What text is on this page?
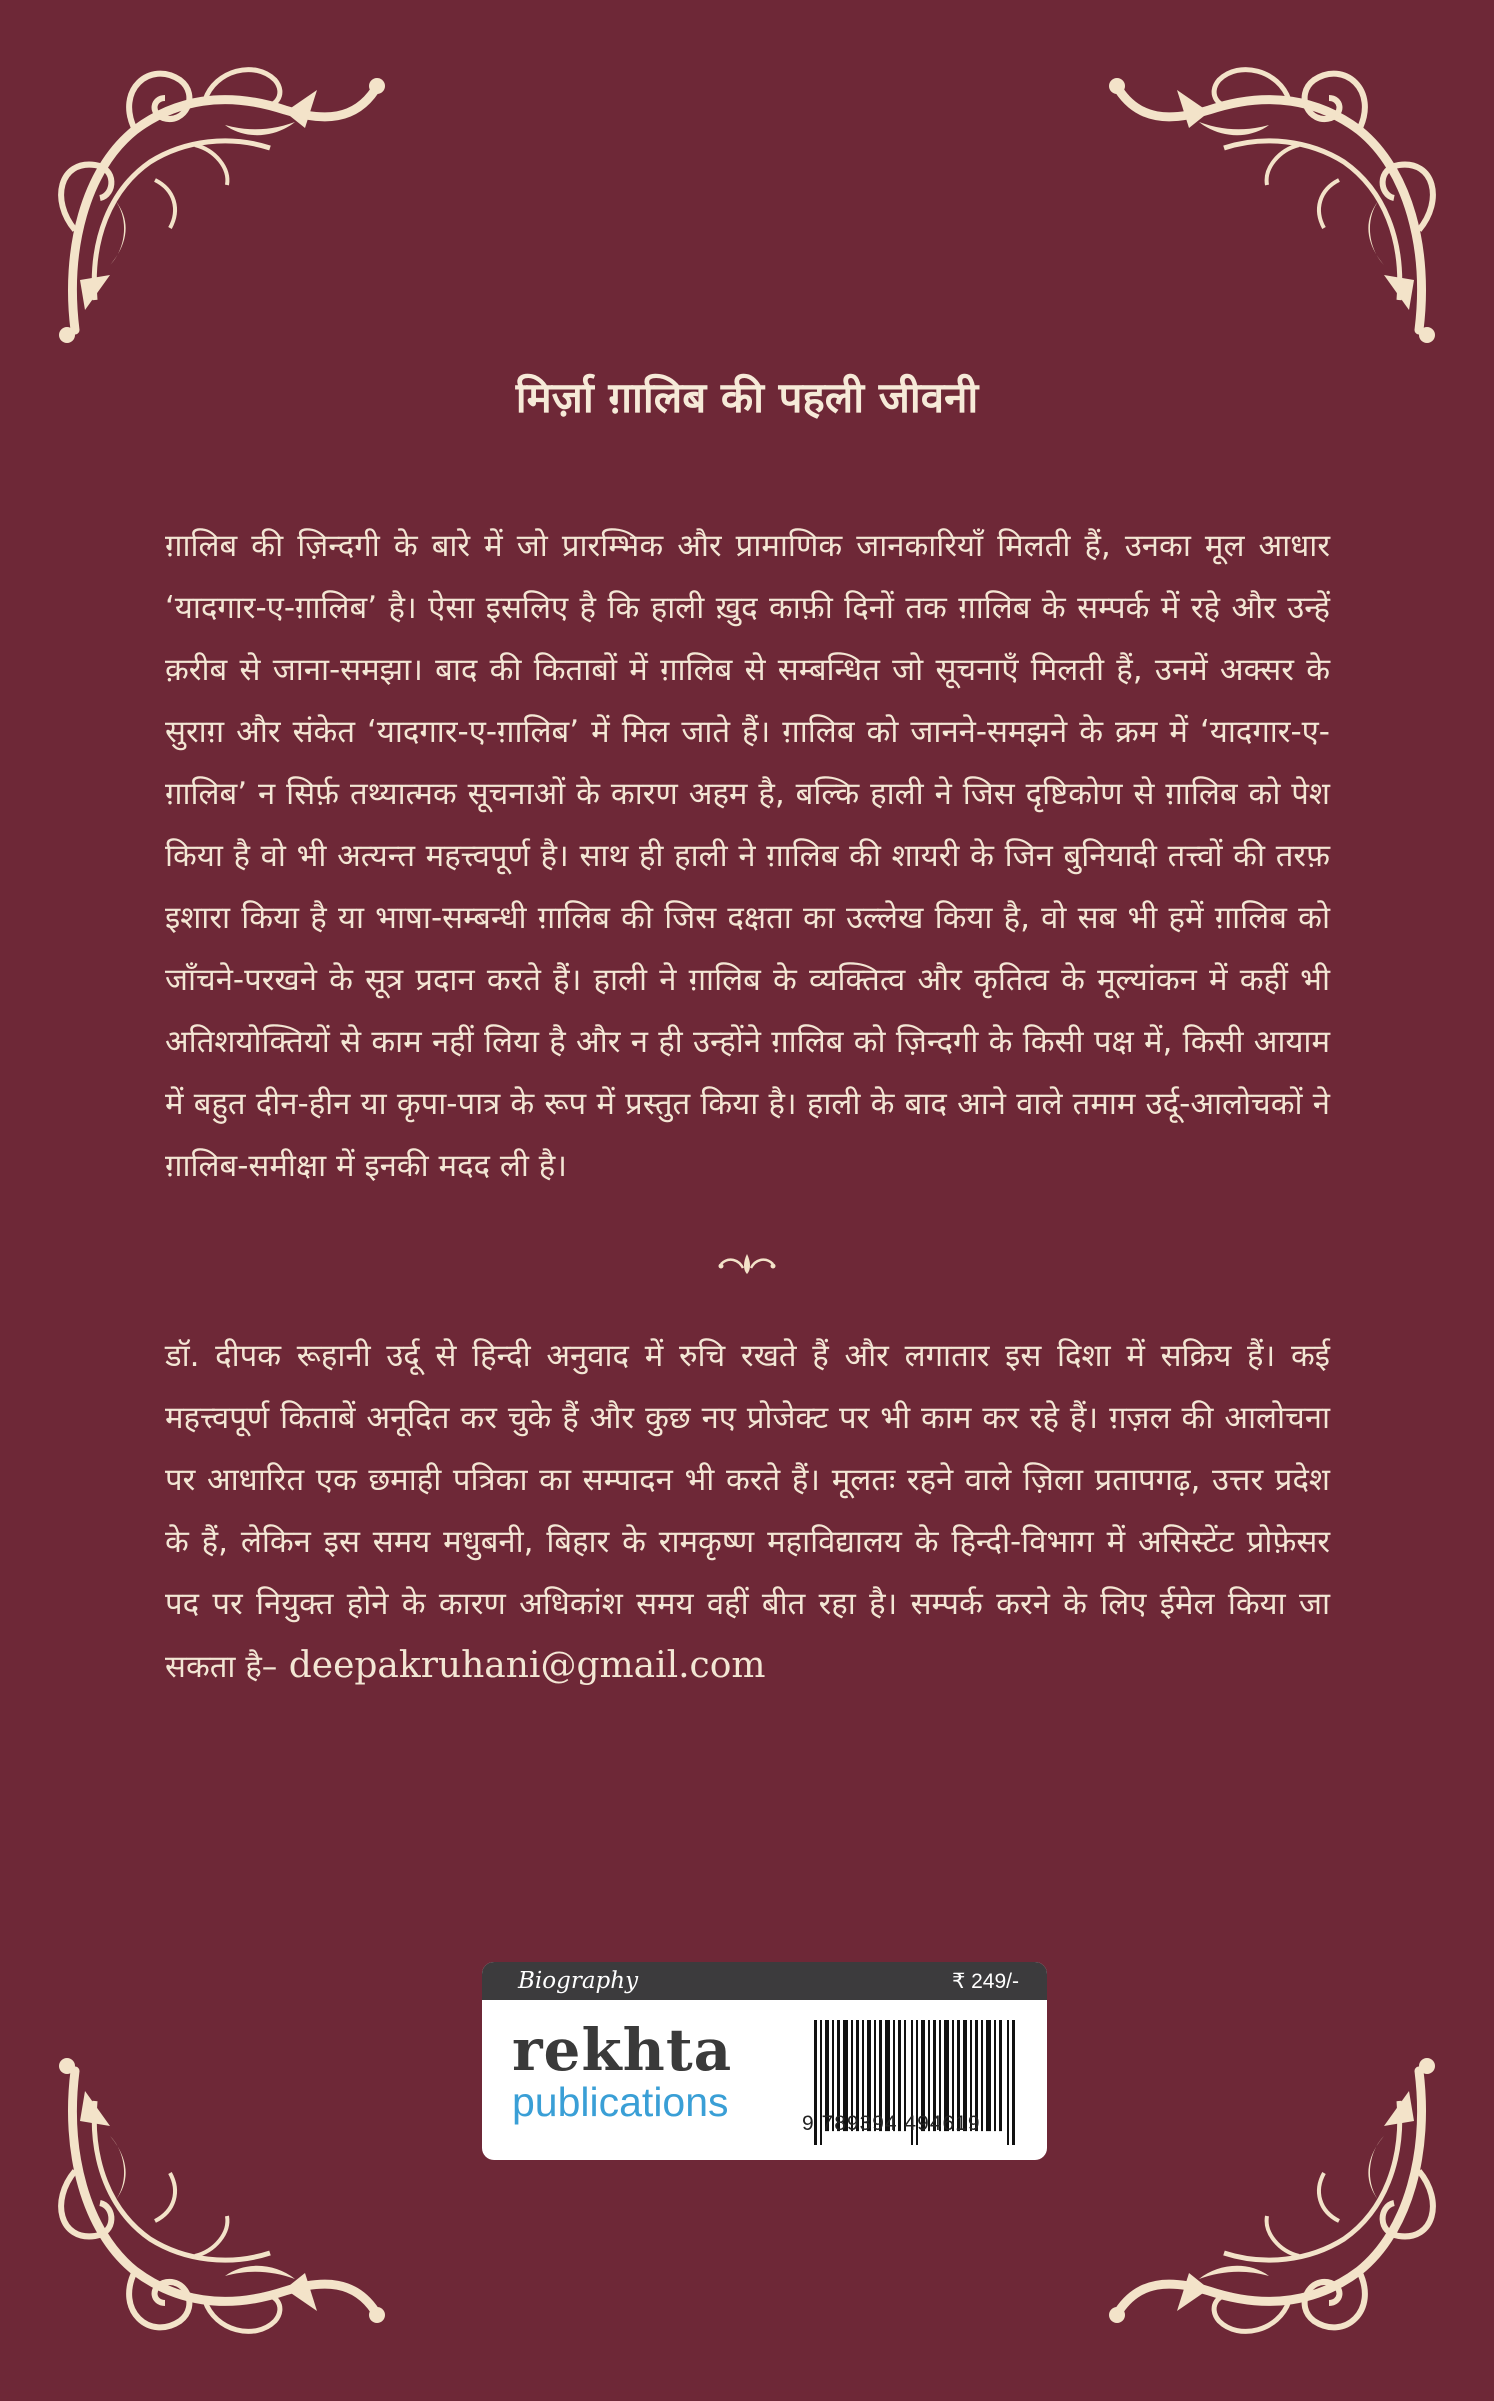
मिर्ज़ा ग़ालिब की पहली जीवनी
ग़ालिब की ज़िन्दगी के बारे में जो प्रारम्भिक और प्रामाणिक जानकारियाँ मिलती हैं, उनका मूल आधार ‘यादगार-ए-ग़ालिब’ है। ऐसा इसलिए है कि हाली ख़ुद काफ़ी दिनों तक ग़ालिब के सम्पर्क में रहे और उन्हें क़रीब से जाना-समझा। बाद की किताबों में ग़ालिब से सम्बन्धित जो सूचनाएँ मिलती हैं, उनमें अक्सर के सुराग़ और संकेत ‘यादगार-ए-ग़ालिब’ में मिल जाते हैं। ग़ालिब को जानने-समझने के क्रम में ‘यादगार-ए-ग़ालिब’ न सिर्फ़ तथ्यात्मक सूचनाओं के कारण अहम है, बल्कि हाली ने जिस दृष्टिकोण से ग़ालिब को पेश किया है वो भी अत्यन्त महत्त्वपूर्ण है। साथ ही हाली ने ग़ालिब की शायरी के जिन बुनियादी तत्त्वों की तरफ़ इशारा किया है या भाषा-सम्बन्धी ग़ालिब की जिस दक्षता का उल्लेख किया है, वो सब भी हमें ग़ालिब को जाँचने-परखने के सूत्र प्रदान करते हैं। हाली ने ग़ालिब के व्यक्तित्व और कृतित्व के मूल्यांकन में कहीं भी अतिशयोक्तियों से काम नहीं लिया है और न ही उन्होंने ग़ालिब को ज़िन्दगी के किसी पक्ष में, किसी आयाम में बहुत दीन-हीन या कृपा-पात्र के रूप में प्रस्तुत किया है। हाली के बाद आने वाले तमाम उर्दू-आलोचकों ने ग़ालिब-समीक्षा में इनकी मदद ली है।
डॉ. दीपक रूहानी उर्दू से हिन्दी अनुवाद में रुचि रखते हैं और लगातार इस दिशा में सक्रिय हैं। कई महत्त्वपूर्ण किताबें अनूदित कर चुके हैं और कुछ नए प्रोजेक्ट पर भी काम कर रहे हैं। ग़ज़ल की आलोचना पर आधारित एक छमाही पत्रिका का सम्पादन भी करते हैं। मूलतः रहने वाले ज़िला प्रतापगढ़, उत्तर प्रदेश के हैं, लेकिन इस समय मधुबनी, बिहार के रामकृष्ण महाविद्यालय के हिन्दी-विभाग में असिस्टेंट प्रोफ़ेसर पद पर नियुक्त होने के कारण अधिकांश समय वहीं बीत रहा है। सम्पर्क करने के लिए ईमेल किया जा सकता है– deepakruhani@gmail.com
Biography	₹ 249/-
rekhta
publications	9 789394 494619
